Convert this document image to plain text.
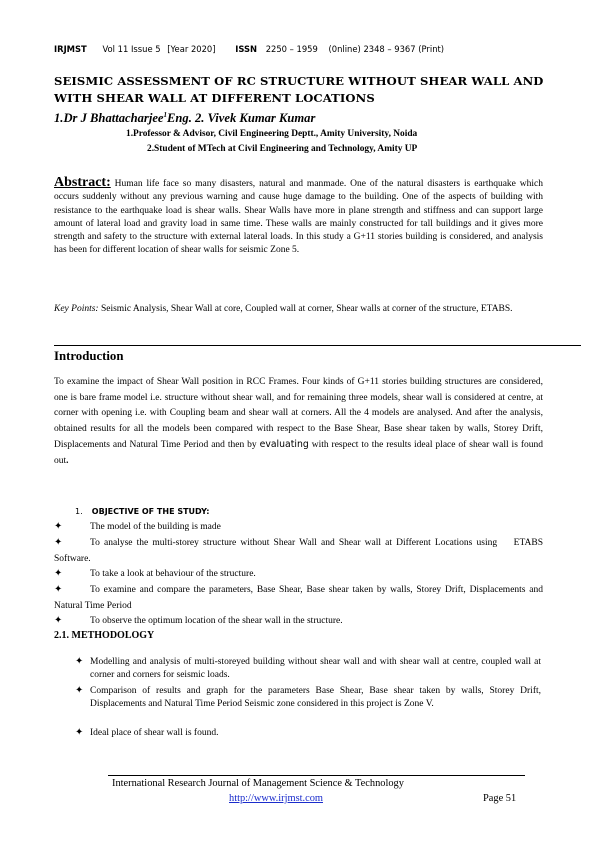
IRJMST Vol 11 Issue 5 [Year 2020] ISSN 2250 – 1959 (0nline) 2348 – 9367 (Print)
SEISMIC ASSESSMENT OF RC STRUCTURE WITHOUT SHEAR WALL AND WITH SHEAR WALL AT DIFFERENT LOCATIONS
1.Dr J Bhattacharjee$^1$Eng. 2. Vivek Kumar Kumar
1.Professor & Advisor, Civil Engineering Deptt., Amity University, Noida
2.Student of MTech at Civil Engineering and Technology, Amity UP
Abstract: Human life face so many disasters, natural and manmade. One of the natural disasters is earthquake which occurs suddenly without any previous warning and cause huge damage to the building. One of the aspects of building with resistance to the earthquake load is shear walls. Shear Walls have more in plane strength and stiffness and can support large amount of lateral load and gravity load in same time. These walls are mainly constructed for tall buildings and it gives more strength and safety to the structure with external lateral loads. In this study a G+11 stories building is considered, and analysis has been for different location of shear walls for seismic Zone 5.
Key Points: Seismic Analysis, Shear Wall at core, Coupled wall at corner, Shear walls at corner of the structure, ETABS.
Introduction
To examine the impact of Shear Wall position in RCC Frames. Four kinds of G+11 stories building structures are considered, one is bare frame model i.e. structure without shear wall, and for remaining three models, shear wall is considered at centre, at corner with opening i.e. with Coupling beam and shear wall at corners. All the 4 models are analysed. And after the analysis, obtained results for all the models been compared with respect to the Base Shear, Base shear taken by walls, Storey Drift, Displacements and Natural Time Period and then by evaluating with respect to the results ideal place of shear wall is found out.
1. OBJECTIVE OF THE STUDY:
✦	The model of the building is made
✦	To analyse the multi-storey structure without Shear Wall and Shear wall at Different Locations using    ETABS Software.
✦	To take a look at behaviour of the structure.
✦	To examine and compare the parameters, Base Shear, Base shear taken by walls, Storey Drift, Displacements and Natural Time Period
✦	To observe the optimum location of the shear wall in the structure.
2.1. METHODOLOGY
✦ Modelling and analysis of multi-storeyed building without shear wall and with shear wall at centre, coupled wall at corner and corners for seismic loads.
✦ Comparison of results and graph for the parameters Base Shear, Base shear taken by walls, Storey Drift, Displacements and Natural Time Period Seismic zone considered in this project is Zone V.
✦ Ideal place of shear wall is found.
International Research Journal of Management Science & Technology
http://www.irjmst.com	Page 51
